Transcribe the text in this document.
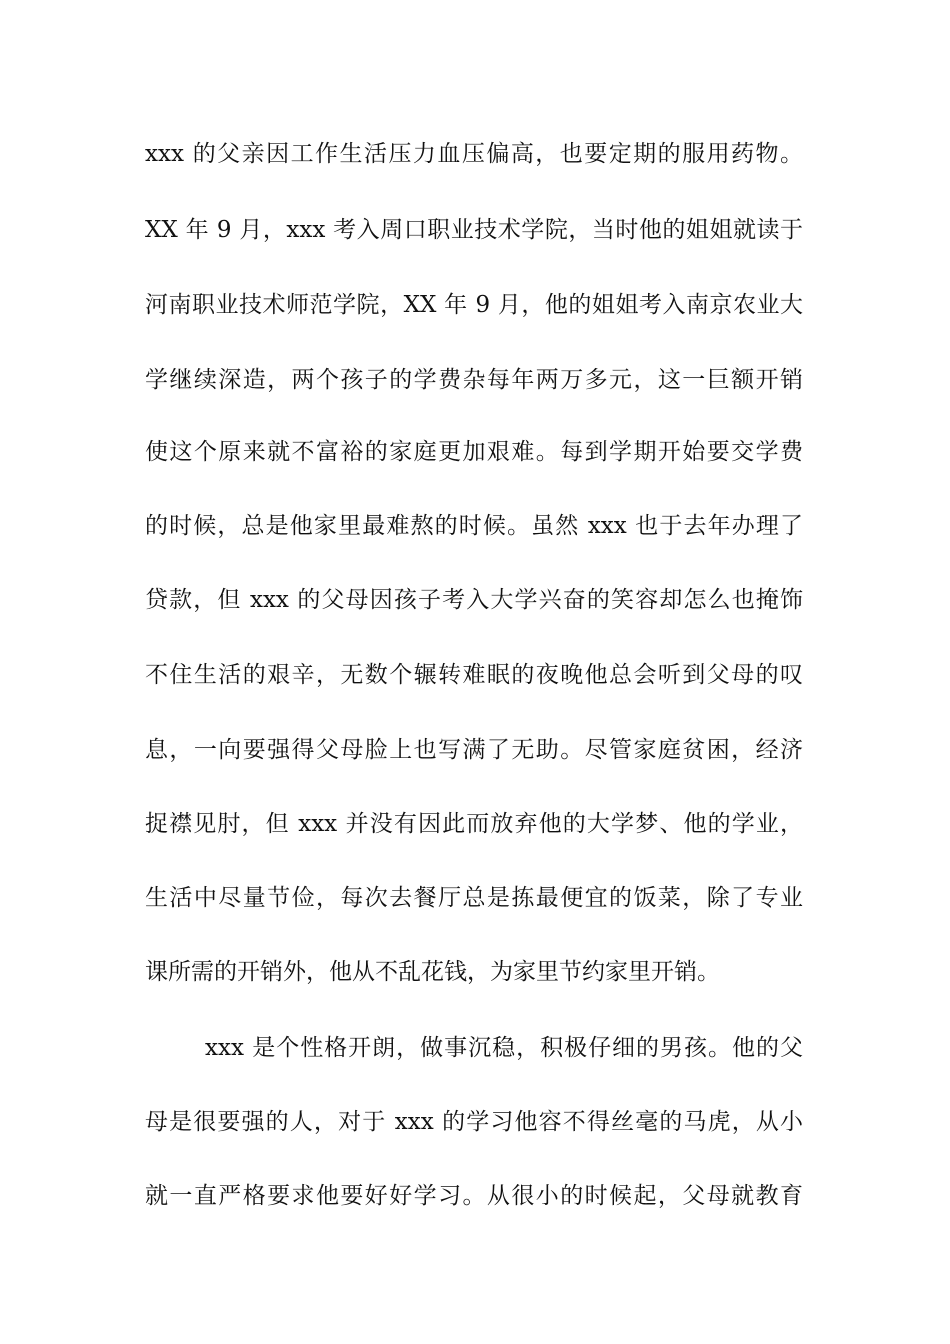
xxx 的父亲因工作生活压力血压偏高，也要定期的服用药物。
XX 年 9 月，xxx 考入周口职业技术学院，当时他的姐姐就读于
河南职业技术师范学院，XX 年 9 月，他的姐姐考入南京农业大
学继续深造，两个孩子的学费杂每年两万多元，这一巨额开销
使这个原来就不富裕的家庭更加艰难。每到学期开始要交学费
的时候，总是他家里最难熬的时候。虽然 xxx 也于去年办理了
贷款，但 xxx 的父母因孩子考入大学兴奋的笑容却怎么也掩饰
不住生活的艰辛，无数个辗转难眠的夜晚他总会听到父母的叹
息，一向要强得父母脸上也写满了无助。尽管家庭贫困，经济
捉襟见肘，但 xxx 并没有因此而放弃他的大学梦、他的学业，
生活中尽量节俭，每次去餐厅总是拣最便宜的饭菜，除了专业
课所需的开销外，他从不乱花钱，为家里节约家里开销。
xxx 是个性格开朗，做事沉稳，积极仔细的男孩。他的父
母是很要强的人，对于 xxx 的学习他容不得丝毫的马虎，从小
就一直严格要求他要好好学习。从很小的时候起，父母就教育
